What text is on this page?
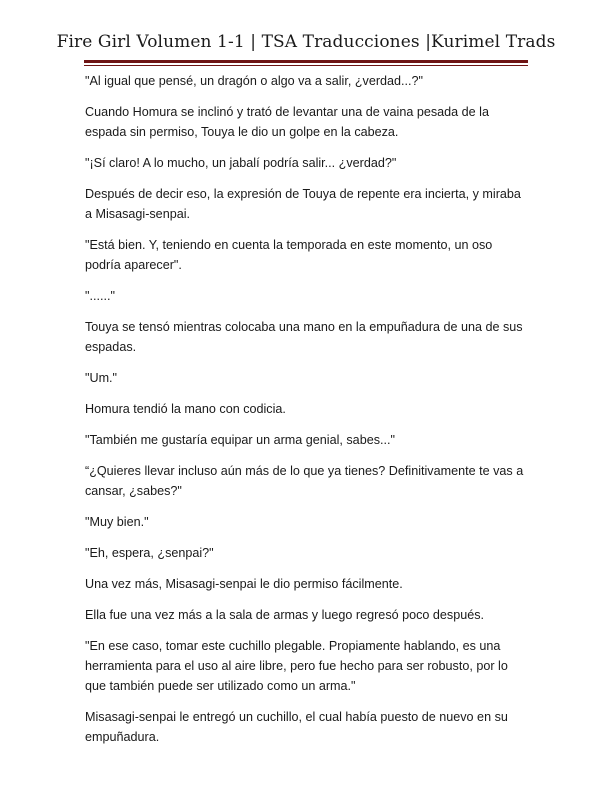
Fire Girl Volumen 1-1 | TSA Traducciones |Kurimel Trads

"Al igual que pensé, un dragón o algo va a salir, ¿verdad...?"

Cuando Homura se inclinó y trató de levantar una de vaina pesada de la espada sin permiso, Touya le dio un golpe en la cabeza.

"¡Sí claro! A lo mucho, un jabalí podría salir... ¿verdad?"

Después de decir eso, la expresión de Touya de repente era incierta, y miraba a Misasagi-senpai.

"Está bien. Y, teniendo en cuenta la temporada en este momento, un oso podría aparecer".

"......"

Touya se tensó mientras colocaba una mano en la empuñadura de una de sus espadas.

"Um."

Homura tendió la mano con codicia.

"También me gustaría equipar un arma genial, sabes..."

“¿Quieres llevar incluso aún más de lo que ya tienes? Definitivamente te vas a cansar, ¿sabes?"

"Muy bien."

"Eh, espera, ¿senpai?"

Una vez más, Misasagi-senpai le dio permiso fácilmente.

Ella fue una vez más a la sala de armas y luego regresó poco después.

"En ese caso, tomar este cuchillo plegable. Propiamente hablando, es una herramienta para el uso al aire libre, pero fue hecho para ser robusto, por lo que también puede ser utilizado como un arma."

Misasagi-senpai le entregó un cuchillo, el cual había puesto de nuevo en su empuñadura.
